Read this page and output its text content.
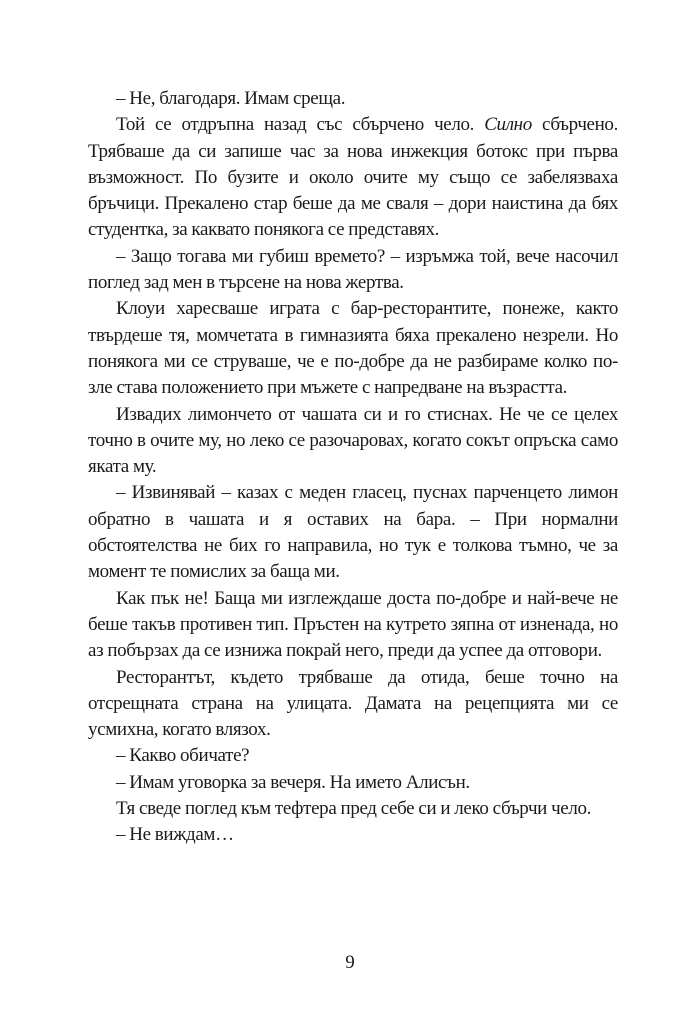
– Не, благодаря. Имам среща.

Той се отдръпна назад със сбърчено чело. Силно сбърчено. Трябваше да си запише час за нова инжекция ботокс при първа възможност. По бузите и около очите му също се забелязваха бръчици. Прекалено стар беше да ме сваля – дори наистина да бях студентка, за каквато понякога се представях.

– Защо тогава ми губиш времето? – изръмжа той, вече насочил поглед зад мен в търсене на нова жертва.

Клоуи харесваше играта с бар-ресторантите, понеже, както твърдеше тя, момчетата в гимназията бяха прекалено незрели. Но понякога ми се струваше, че е по-добре да не разбираме колко по-зле става положението при мъжете с напредване на възрастта.

Извадих лимончето от чашата си и го стиснах. Не че се целех точно в очите му, но леко се разочаровах, когато сокът опръска само яката му.

– Извинявай – казах с меден гласец, пуснах парченцето лимон обратно в чашата и я оставих на бара. – При нормални обстоятелства не бих го направила, но тук е толкова тъмно, че за момент те помислих за баща ми.

Как пък не! Баща ми изглеждаше доста по-добре и най-вече не беше такъв противен тип. Пръстен на кутрето зяпна от изненада, но аз побързах да се изнижа покрай него, преди да успее да отговори.

Ресторантът, където трябваше да отида, беше точно на отсрещната страна на улицата. Дамата на рецепцията ми се усмихна, когато влязох.

– Какво обичате?

– Имам уговорка за вечеря. На името Алисън.

Тя сведе поглед към тефтера пред себе си и леко сбърчи чело.

– Не виждам…

9
